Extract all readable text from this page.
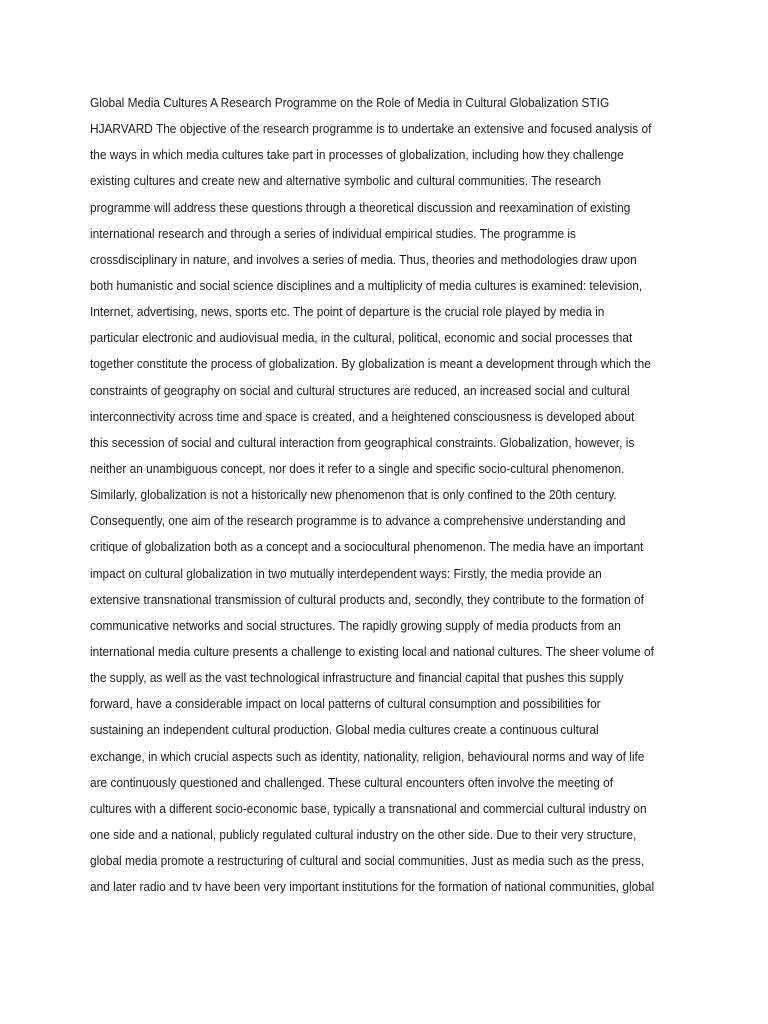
Global Media Cultures A Research Programme on the Role of Media in Cultural Globalization STIG
HJARVARD The objective of the research programme is to undertake an extensive and focused analysis of
the ways in which media cultures take part in processes of globalization, including how they challenge
existing cultures and create new and alternative symbolic and cultural communities. The research
programme will address these questions through a theoretical discussion and reexamination of existing
international research and through a series of individual empirical studies. The programme is
crossdisciplinary in nature, and involves a series of media. Thus, theories and methodologies draw upon
both humanistic and social science disciplines and a multiplicity of media cultures is examined: television,
Internet, advertising, news, sports etc. The point of departure is the crucial role played by media in
particular electronic and audiovisual media, in the cultural, political, economic and social processes that
together constitute the process of globalization. By globalization is meant a development through which the
constraints of geography on social and cultural structures are reduced, an increased social and cultural
interconnectivity across time and space is created, and a heightened consciousness is developed about
this secession of social and cultural interaction from geographical constraints. Globalization, however, is
neither an unambiguous concept, nor does it refer to a single and specific socio-cultural phenomenon.
Similarly, globalization is not a historically new phenomenon that is only confined to the 20th century.
Consequently, one aim of the research programme is to advance a comprehensive understanding and
critique of globalization both as a concept and a sociocultural phenomenon. The media have an important
impact on cultural globalization in two mutually interdependent ways: Firstly, the media provide an
extensive transnational transmission of cultural products and, secondly, they contribute to the formation of
communicative networks and social structures. The rapidly growing supply of media products from an
international media culture presents a challenge to existing local and national cultures. The sheer volume of
the supply, as well as the vast technological infrastructure and financial capital that pushes this supply
forward, have a considerable impact on local patterns of cultural consumption and possibilities for
sustaining an independent cultural production. Global media cultures create a continuous cultural
exchange, in which crucial aspects such as identity, nationality, religion, behavioural norms and way of life
are continuously questioned and challenged. These cultural encounters often involve the meeting of
cultures with a different socio-economic base, typically a transnational and commercial cultural industry on
one side and a national, publicly regulated cultural industry on the other side. Due to their very structure,
global media promote a restructuring of cultural and social communities. Just as media such as the press,
and later radio and tv have been very important institutions for the formation of national communities, global
